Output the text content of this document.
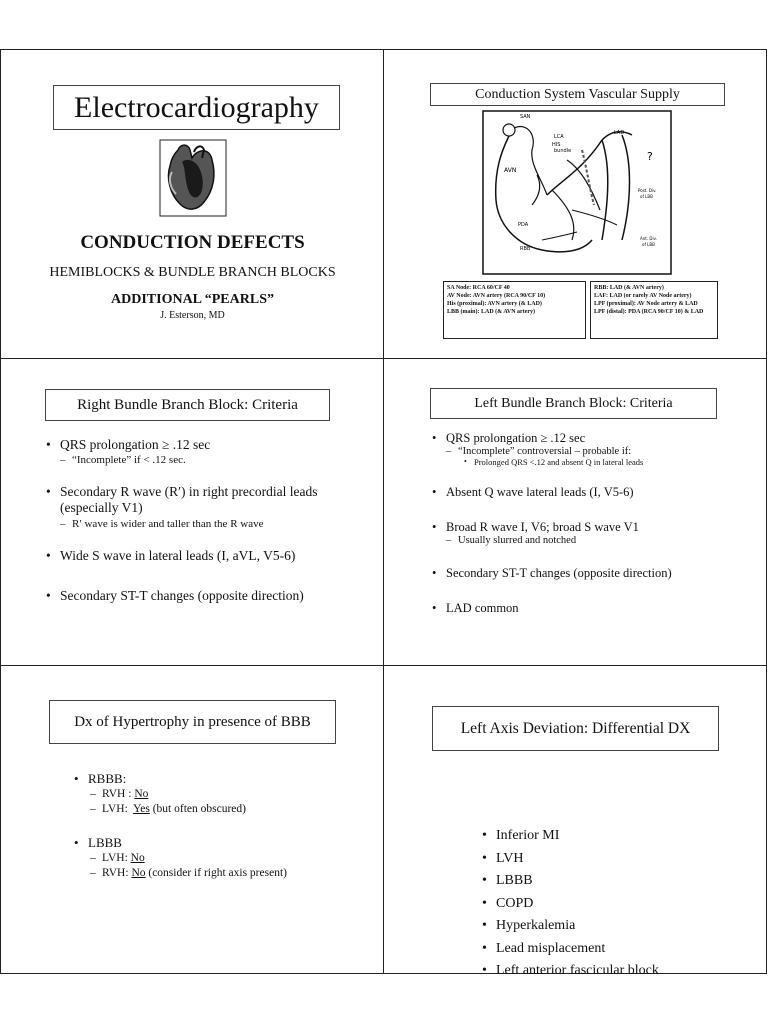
Electrocardiography
CONDUCTION DEFECTS
HEMIBLOCKS & BUNDLE BRANCH BLOCKS
ADDITIONAL “PEARLS”
J. Esterson, MD
Conduction System Vascular Supply
SAN
LCA
HIS
bundle
LAD
AVN
?
Post. Div.
of LBB
PDA
RBB
Ant. Div.
of LBB
SA Node: RCA 60/CF 40
AV Node: AVN artery (RCA 90/CF 10)
His (proximal): AVN artery (& LAD)
LBB (main): LAD (& AVN artery)
RBB: LAD (& AVN artery)
LAF: LAD (or rarely AV Node artery)
LPF (proximal): AV Node artery & LAD
LPF (distal): PDA (RCA 90/CF 10) & LAD
Right Bundle Branch Block: Criteria
• QRS prolongation ≥ .12 sec
– “Incomplete” if < .12 sec.
• Secondary R wave (R′) in right precordial leads (especially V1)
– R′ wave is wider and taller than the R wave
• Wide S wave in lateral leads (I, aVL, V5-6)
• Secondary ST-T changes (opposite direction)
Left Bundle Branch Block: Criteria
• QRS prolongation ≥ .12 sec
– “Incomplete” controversial – probable if:
• Prolonged QRS <.12 and absent Q in lateral leads
• Absent Q wave lateral leads (I, V5-6)
• Broad R wave I, V6; broad S wave V1
– Usually slurred and notched
• Secondary ST-T changes (opposite direction)
• LAD common
Dx of Hypertrophy in presence of BBB
• RBBB:
– RVH : No
– LVH:  Yes (but often obscured)
• LBBB
– LVH: No
– RVH: No (consider if right axis present)
Left Axis Deviation: Differential DX
• Inferior MI
• LVH
• LBBB
• COPD
• Hyperkalemia
• Lead misplacement
• Left anterior fascicular block
